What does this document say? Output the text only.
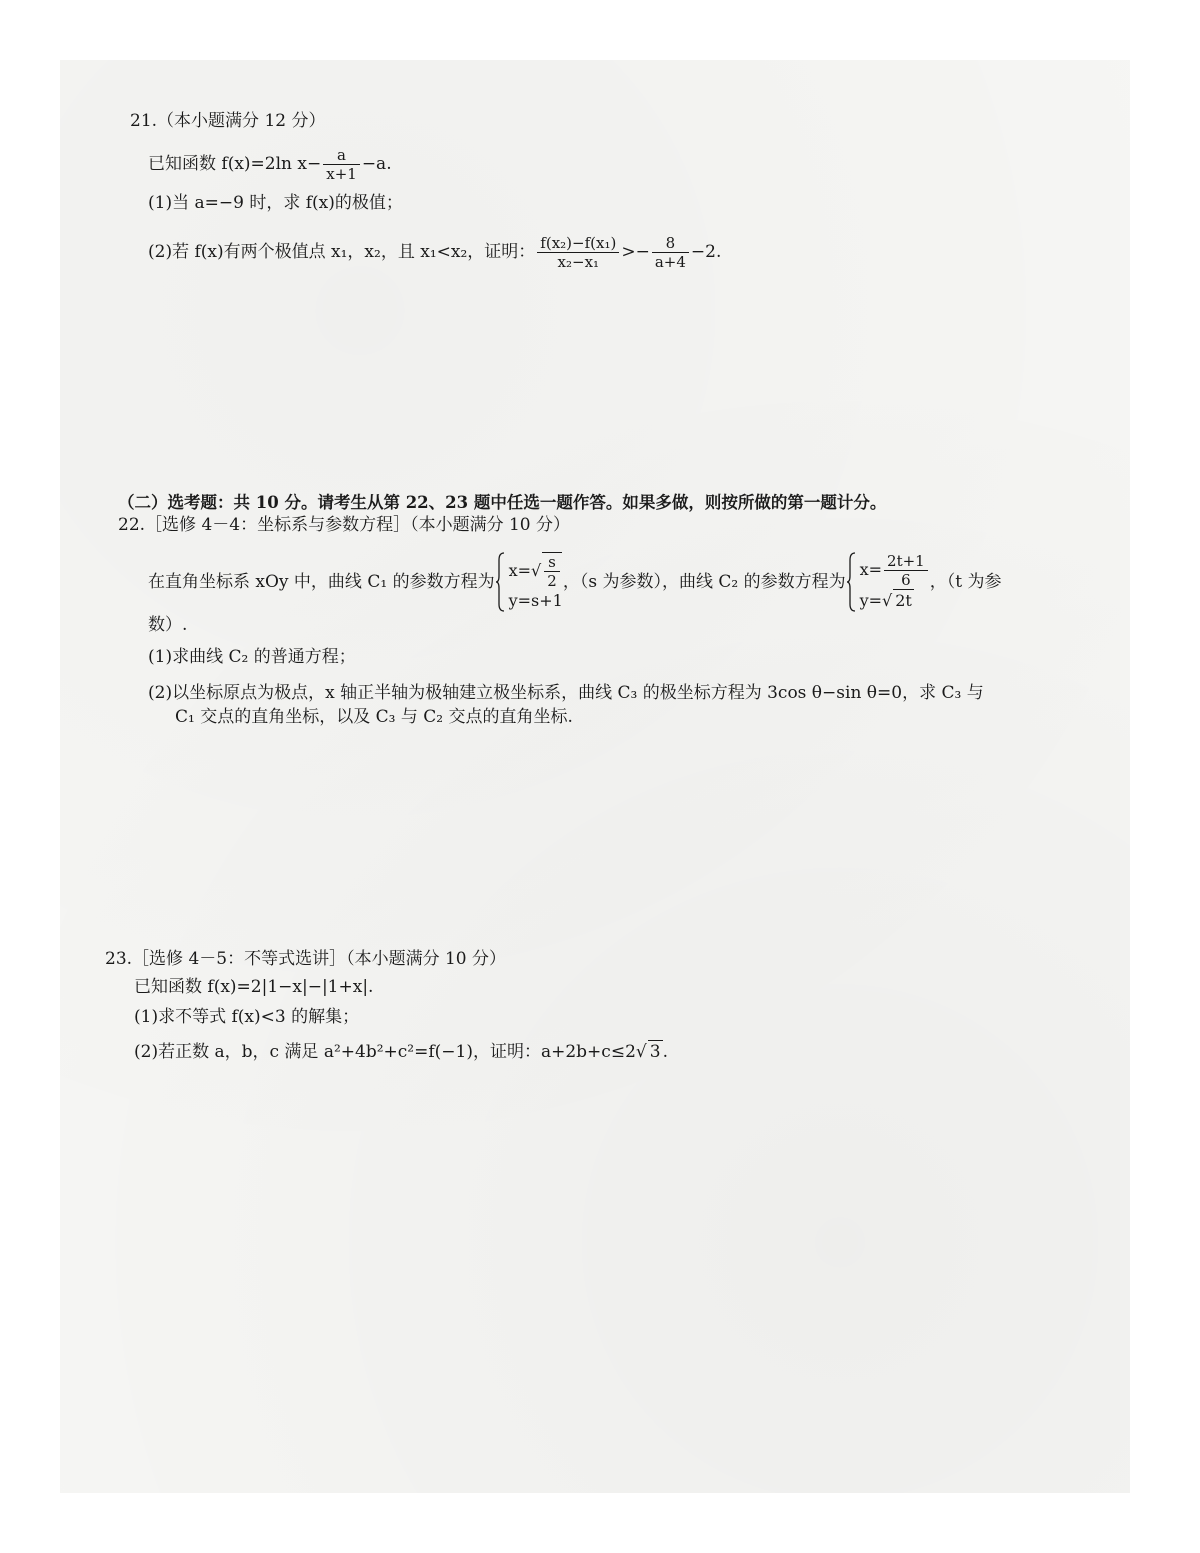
21.（本小题满分 12 分）
已知函数 f(x)=2ln $x- \frac{a}{x+1} -a$.
(1)当 a=−9 时，求 f(x)的极值；
(2)若 f(x)有两个极值点 x₁，x₂，且 x₁<x₂，证明： $\frac{\text{f(x₂)−f(x₁)}}{\text{x₂−x₁}} >- \frac{8}{a+4} -2$.
（二）选考题：共 10 分。请考生从第 22、23 题中任选一题作答。如果多做，则按所做的第一题计分。
22.［选修 4－4：坐标系与参数方程］（本小题满分 10 分）
在直角坐标系 xOy 中，曲线 C₁ 的参数方程为
$x=√ \frac{s}{2}$
y=s+1
，（s 为参数），曲线 C₂ 的参数方程为
$x= \frac{2t+1}{6}$
y=√ 2t
，（t 为参
数）.
(1)求曲线 C₂ 的普通方程；
(2)以坐标原点为极点，x 轴正半轴为极轴建立极坐标系，曲线 C₃ 的极坐标方程为 3cos θ−sin θ=0，求 C₃ 与
C₁ 交点的直角坐标，以及 C₃ 与 C₂ 交点的直角坐标.
23.［选修 4－5：不等式选讲］（本小题满分 10 分）
已知函数 f(x)=2|1−x|−|1+x|.
(1)求不等式 f(x)<3 的解集；
(2)若正数 a，b，c 满足 a²+4b²+c²=f(−1)，证明：a+2b+c≤2√ 3 .
